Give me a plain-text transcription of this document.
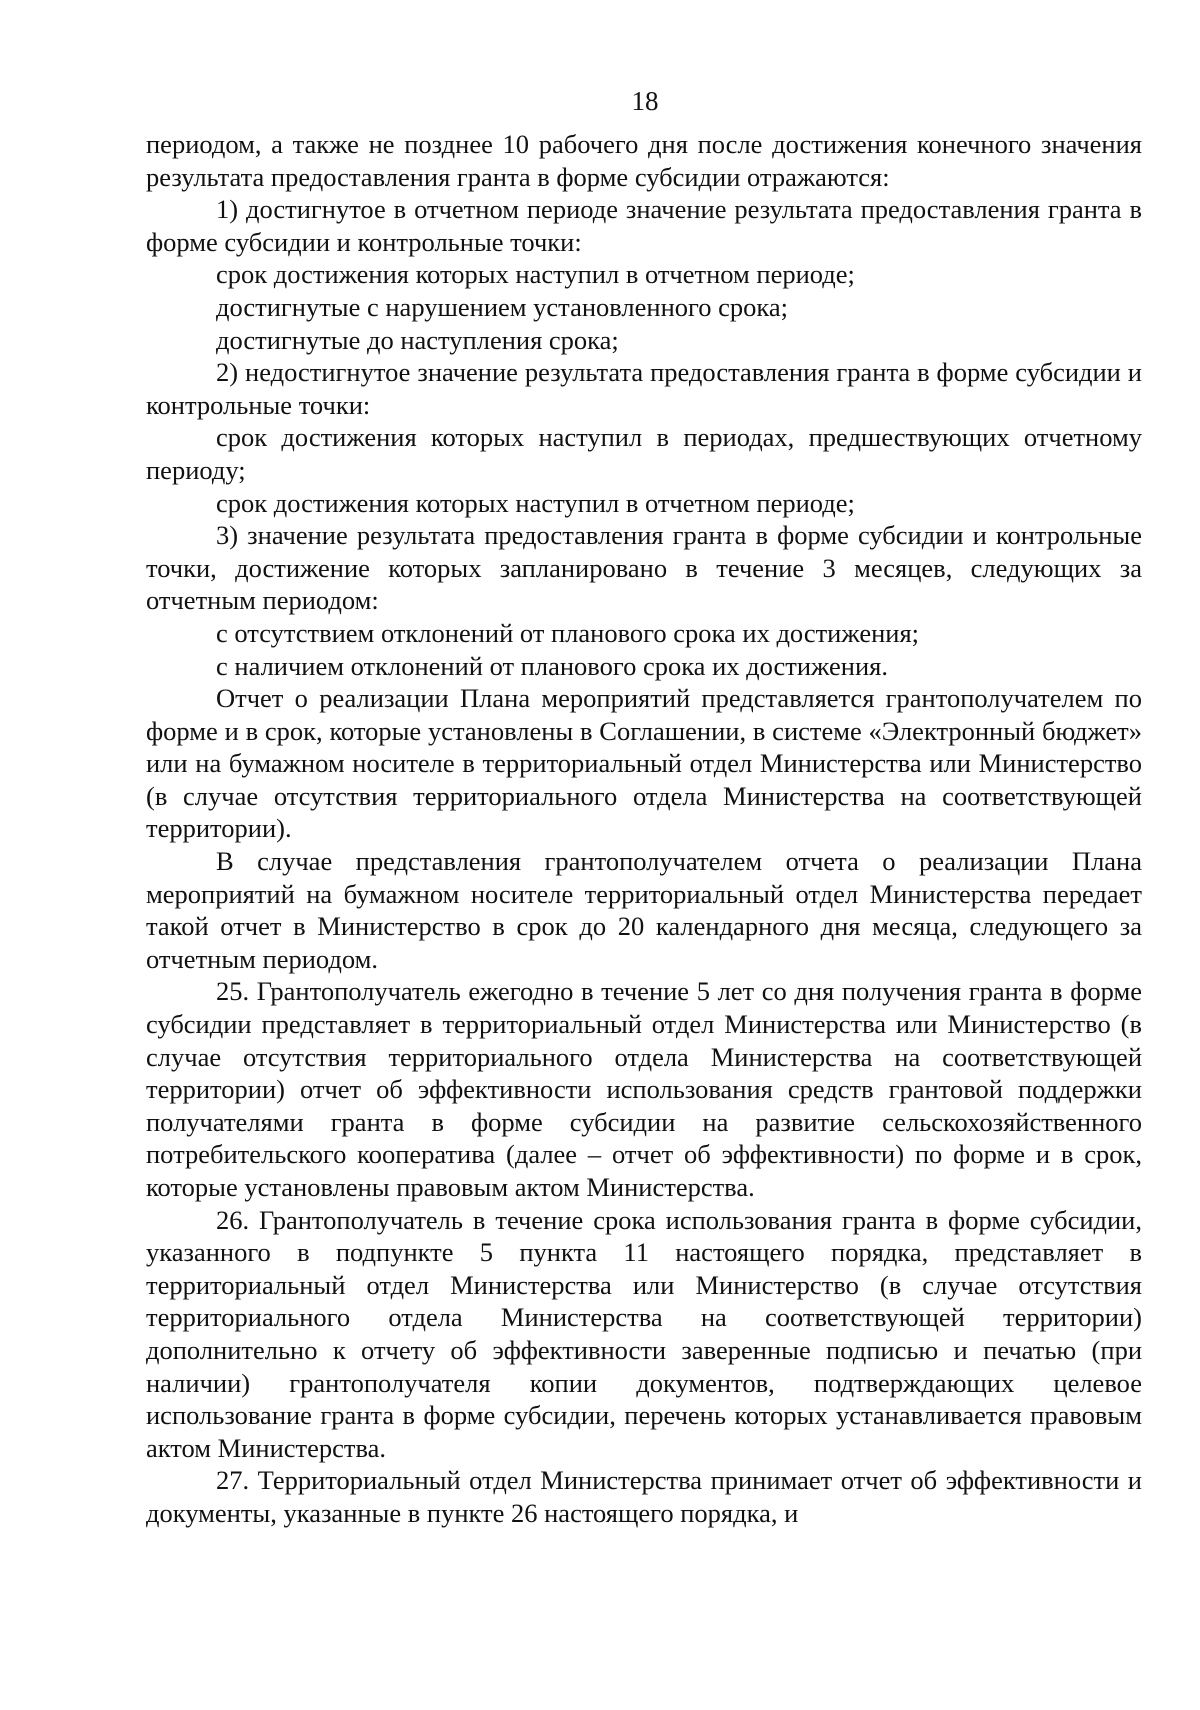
18

периодом, а также не позднее 10 рабочего дня после достижения конечного значения результата предоставления гранта в форме субсидии отражаются:

1) достигнутое в отчетном периоде значение результата предоставления гранта в форме субсидии и контрольные точки:

срок достижения которых наступил в отчетном периоде;

достигнутые с нарушением установленного срока;

достигнутые до наступления срока;

2) недостигнутое значение результата предоставления гранта в форме субсидии и контрольные точки:

срок достижения которых наступил в периодах, предшествующих отчетному периоду;

срок достижения которых наступил в отчетном периоде;

3) значение результата предоставления гранта в форме субсидии и контрольные точки, достижение которых запланировано в течение 3 месяцев, следующих за отчетным периодом:

с отсутствием отклонений от планового срока их достижения;

с наличием отклонений от планового срока их достижения.

Отчет о реализации Плана мероприятий представляется грантополучателем по форме и в срок, которые установлены в Соглашении, в системе «Электронный бюджет» или на бумажном носителе в территориальный отдел Министерства или Министерство (в случае отсутствия территориального отдела Министерства на соответствующей территории).

В случае представления грантополучателем отчета о реализации Плана мероприятий на бумажном носителе территориальный отдел Министерства передает такой отчет в Министерство в срок до 20 календарного дня месяца, следующего за отчетным периодом.

25. Грантополучатель ежегодно в течение 5 лет со дня получения гранта в форме субсидии представляет в территориальный отдел Министерства или Министерство (в случае отсутствия территориального отдела Министерства на соответствующей территории) отчет об эффективности использования средств грантовой поддержки получателями гранта в форме субсидии на развитие сельскохозяйственного потребительского кооператива (далее – отчет об эффективности) по форме и в срок, которые установлены правовым актом Министерства.

26. Грантополучатель в течение срока использования гранта в форме субсидии, указанного в подпункте 5 пункта 11 настоящего порядка, представляет в территориальный отдел Министерства или Министерство (в случае отсутствия территориального отдела Министерства на соответствующей территории) дополнительно к отчету об эффективности заверенные подписью и печатью (при наличии) грантополучателя копии документов, подтверждающих целевое использование гранта в форме субсидии, перечень которых устанавливается правовым актом Министерства.

27. Территориальный отдел Министерства принимает отчет об эффективности и документы, указанные в пункте 26 настоящего порядка, и
